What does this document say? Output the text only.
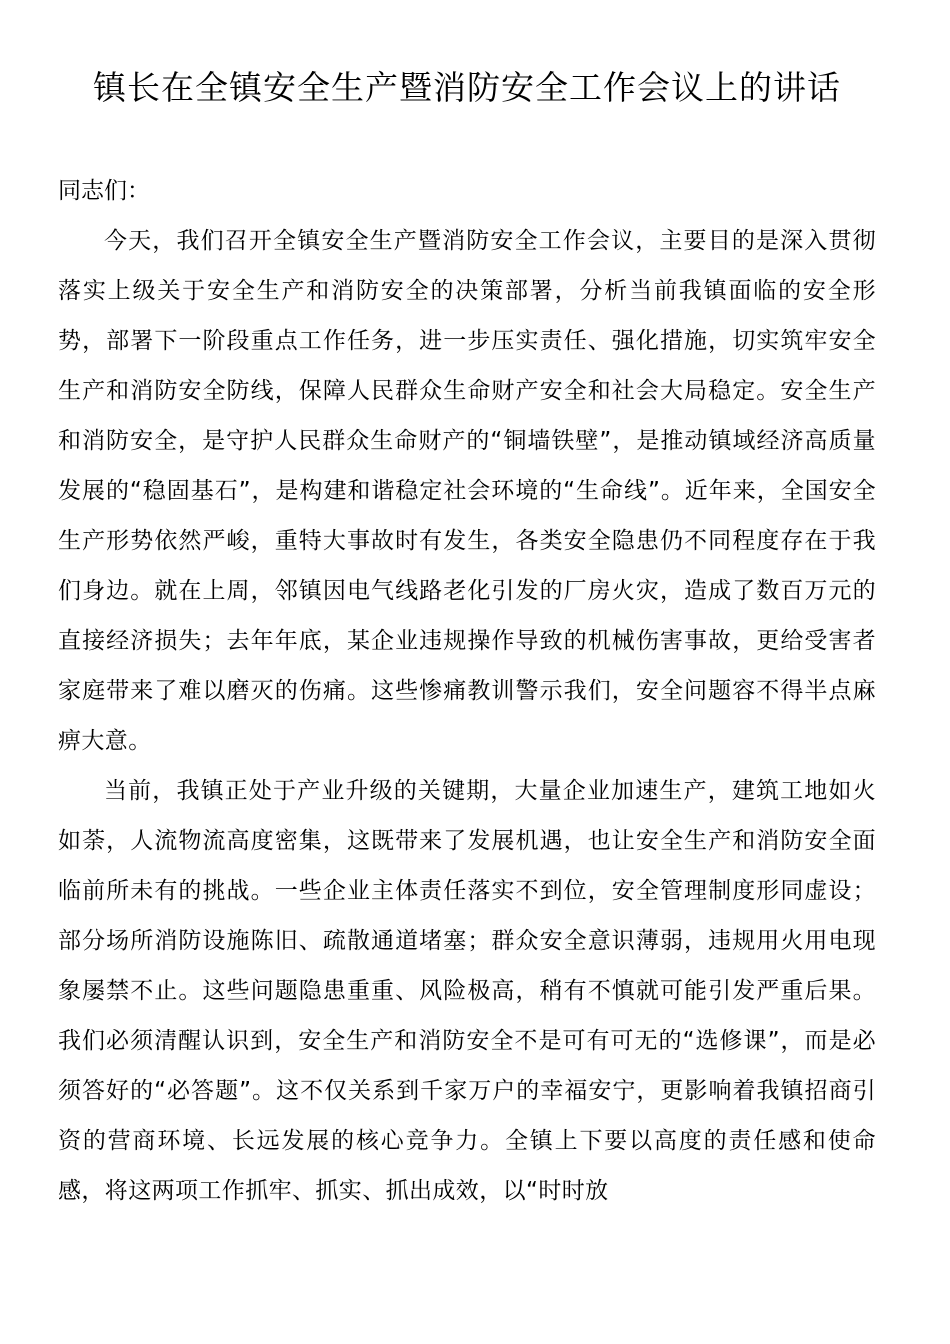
镇长在全镇安全生产暨消防安全工作会议上的讲话

同志们：

今天，我们召开全镇安全生产暨消防安全工作会议，主要目的是深入贯彻落实上级关于安全生产和消防安全的决策部署，分析当前我镇面临的安全形势，部署下一阶段重点工作任务，进一步压实责任、强化措施，切实筑牢安全生产和消防安全防线，保障人民群众生命财产安全和社会大局稳定。安全生产和消防安全，是守护人民群众生命财产的“铜墙铁壁”，是推动镇域经济高质量发展的“稳固基石”，是构建和谐稳定社会环境的“生命线”。近年来，全国安全生产形势依然严峻，重特大事故时有发生，各类安全隐患仍不同程度存在于我们身边。就在上周，邻镇因电气线路老化引发的厂房火灾，造成了数百万元的直接经济损失；去年年底，某企业违规操作导致的机械伤害事故，更给受害者家庭带来了难以磨灭的伤痛。这些惨痛教训警示我们，安全问题容不得半点麻痹大意。

当前，我镇正处于产业升级的关键期，大量企业加速生产，建筑工地如火如荼，人流物流高度密集，这既带来了发展机遇，也让安全生产和消防安全面临前所未有的挑战。一些企业主体责任落实不到位，安全管理制度形同虚设；部分场所消防设施陈旧、疏散通道堵塞；群众安全意识薄弱，违规用火用电现象屡禁不止。这些问题隐患重重、风险极高，稍有不慎就可能引发严重后果。我们必须清醒认识到，安全生产和消防安全不是可有可无的“选修课”，而是必须答好的“必答题”。这不仅关系到千家万户的幸福安宁，更影响着我镇招商引资的营商环境、长远发展的核心竞争力。全镇上下要以高度的责任感和使命感，将这两项工作抓牢、抓实、抓出成效，以“时时放
